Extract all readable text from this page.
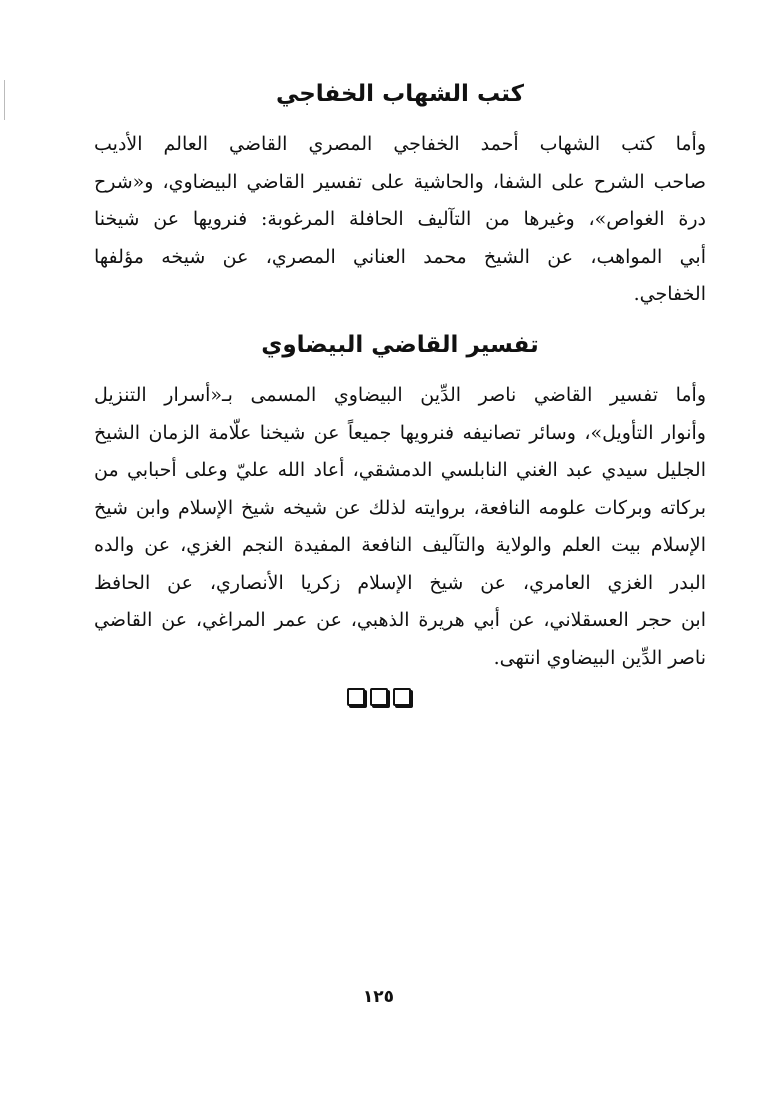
كتب الشهاب الخفاجي
وأما كتب الشهاب أحمد الخفاجي المصري القاضي العالم الأديب
صاحب الشرح على الشفا، والحاشية على تفسير القاضي البيضاوي، و«شرح
درة الغواص»، وغيرها من التآليف الحافلة المرغوبة: فنرويها عن شيخنا
أبي المواهب، عن الشيخ محمد العناني المصري، عن شيخه مؤلفها
الخفاجي.
تفسير القاضي البيضاوي
وأما تفسير القاضي ناصر الدِّين البيضاوي المسمى بـ«أسرار التنزيل
وأنوار التأويل»، وسائر تصانيفه فنرويها جميعاً عن شيخنا علّامة الزمان الشيخ
الجليل سيدي عبد الغني النابلسي الدمشقي، أعاد الله عليّ وعلى أحبابي من
بركاته وبركات علومه النافعة، بروايته لذلك عن شيخه شيخ الإسلام وابن شيخ
الإسلام بيت العلم والولاية والتآليف النافعة المفيدة النجم الغزي، عن والده
البدر الغزي العامري، عن شيخ الإسلام زكريا الأنصاري، عن الحافظ
ابن حجر العسقلاني، عن أبي هريرة الذهبي، عن عمر المراغي، عن القاضي
ناصر الدِّين البيضاوي انتهى.
١٢٥
